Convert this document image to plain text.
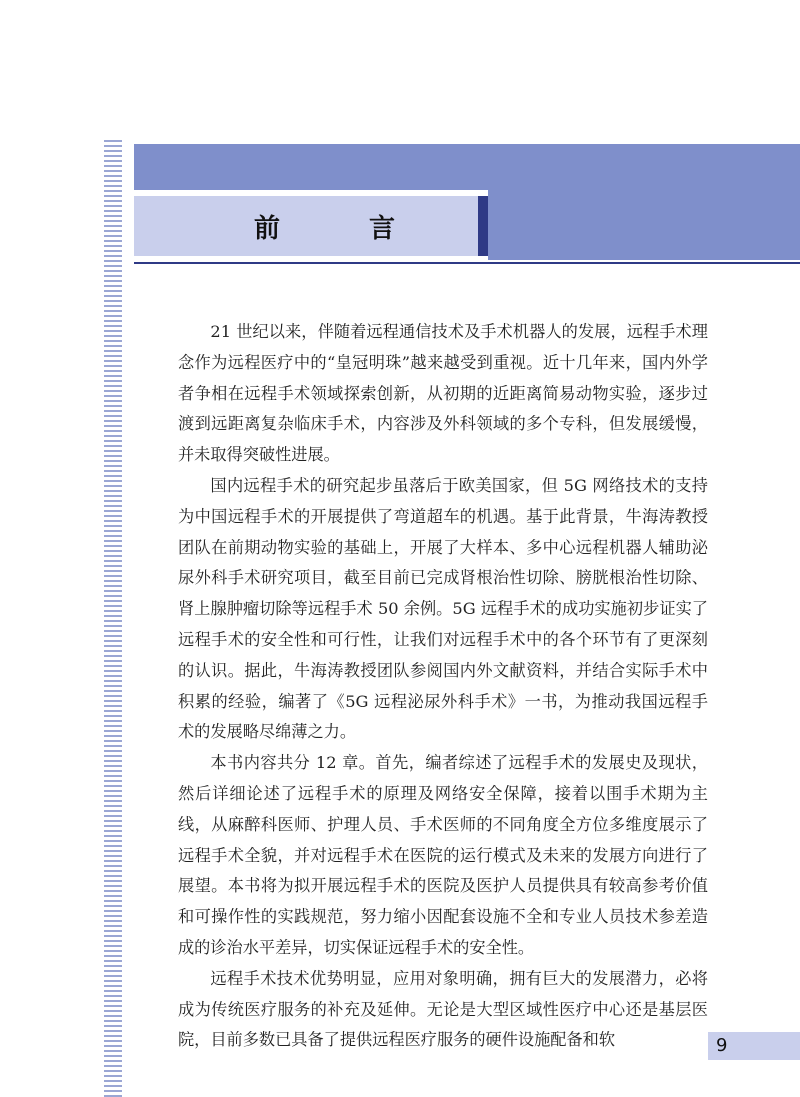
前 言

21 世纪以来，伴随着远程通信技术及手术机器人的发展，远程手术理念作为远程医疗中的“皇冠明珠”越来越受到重视。近十几年来，国内外学者争相在远程手术领域探索创新，从初期的近距离简易动物实验，逐步过渡到远距离复杂临床手术，内容涉及外科领域的多个专科，但发展缓慢，并未取得突破性进展。

国内远程手术的研究起步虽落后于欧美国家，但 5G 网络技术的支持为中国远程手术的开展提供了弯道超车的机遇。基于此背景，牛海涛教授团队在前期动物实验的基础上，开展了大样本、多中心远程机器人辅助泌尿外科手术研究项目，截至目前已完成肾根治性切除、膀胱根治性切除、肾上腺肿瘤切除等远程手术 50 余例。5G 远程手术的成功实施初步证实了远程手术的安全性和可行性，让我们对远程手术中的各个环节有了更深刻的认识。据此，牛海涛教授团队参阅国内外文献资料，并结合实际手术中积累的经验，编著了《5G 远程泌尿外科手术》一书，为推动我国远程手术的发展略尽绵薄之力。

本书内容共分 12 章。首先，编者综述了远程手术的发展史及现状，然后详细论述了远程手术的原理及网络安全保障，接着以围手术期为主线，从麻醉科医师、护理人员、手术医师的不同角度全方位多维度展示了远程手术全貌，并对远程手术在医院的运行模式及未来的发展方向进行了展望。本书将为拟开展远程手术的医院及医护人员提供具有较高参考价值和可操作性的实践规范，努力缩小因配套设施不全和专业人员技术参差造成的诊治水平差异，切实保证远程手术的安全性。

远程手术技术优势明显，应用对象明确，拥有巨大的发展潜力，必将成为传统医疗服务的补充及延伸。无论是大型区域性医疗中心还是基层医院，目前多数已具备了提供远程医疗服务的硬件设施配备和软	9
